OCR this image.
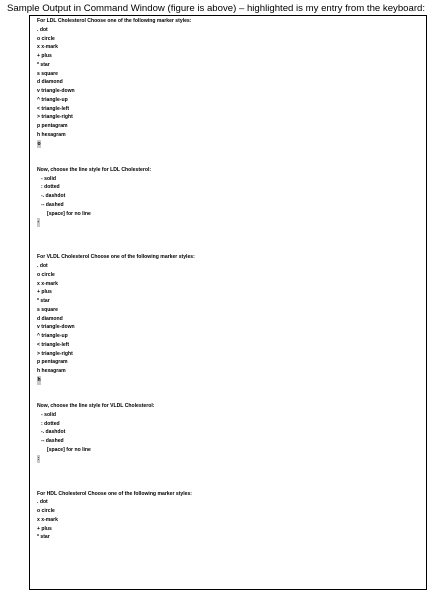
Sample Output in Command Window (figure is above) – highlighted is my entry from the keyboard:
For LDL Cholesterol Choose one of the following marker styles:
. dot
o circle
x x-mark
+ plus
* star
s square
d diamond
v triangle-down
^ triangle-up
< triangle-left
> triangle-right
p pentagram
h hexagram
o
Now, choose the line style for LDL Cholesterol:
- solid
: dotted
-. dashdot
-- dashed
[space] for no line
-
For VLDL Cholesterol Choose one of the following marker styles:
. dot
o circle
x x-mark
+ plus
* star
s square
d diamond
v triangle-down
^ triangle-up
< triangle-left
> triangle-right
p pentagram
h hexagram
h
Now, choose the line style for VLDL Cholesterol:
- solid
: dotted
-. dashdot
-- dashed
[space] for no line
:
For HDL Cholesterol Choose one of the following marker styles:
. dot
o circle
x x-mark
+ plus
* star
